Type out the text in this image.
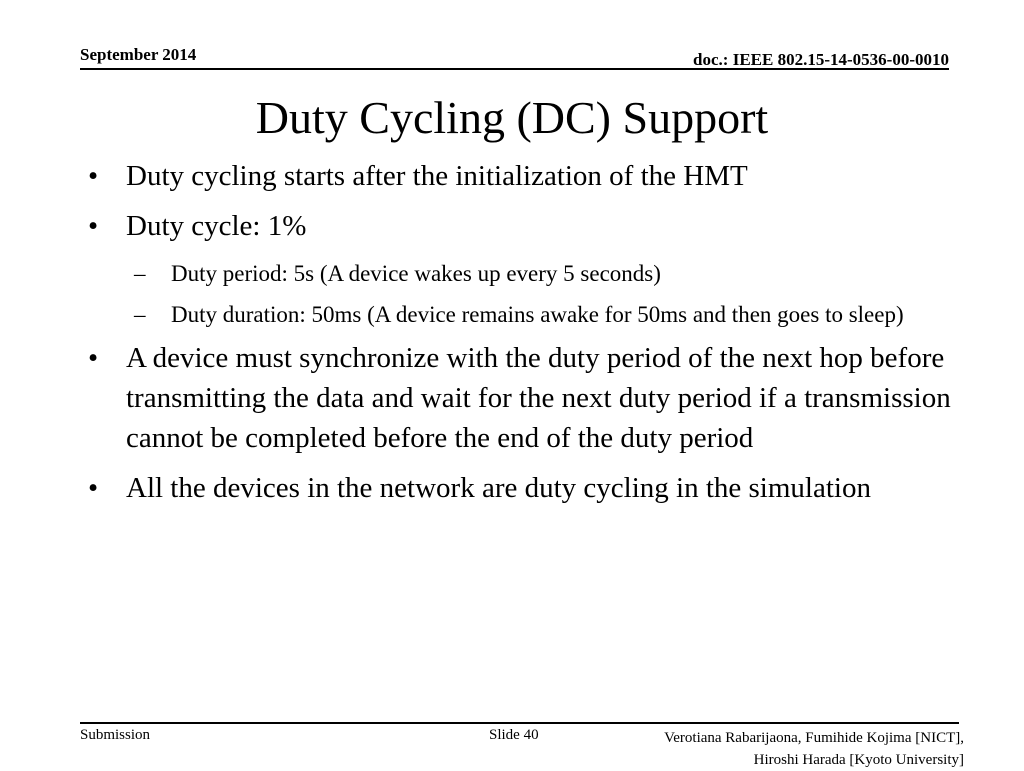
September 2014	doc.: IEEE 802.15-14-0536-00-0010
Duty Cycling (DC) Support
• Duty cycling starts after the initialization of the HMT
• Duty cycle: 1%
– Duty period: 5s (A device wakes up every 5 seconds)
– Duty duration: 50ms (A device remains awake for 50ms and then goes to sleep)
• A device must synchronize with the duty period of the next hop before transmitting the data and wait for the next duty period if a transmission cannot be completed before the end of the duty period
• All the devices in the network are duty cycling in the simulation
Submission	Slide 40	Verotiana Rabarijaona, Fumihide Kojima [NICT],
Hiroshi Harada [Kyoto University]
